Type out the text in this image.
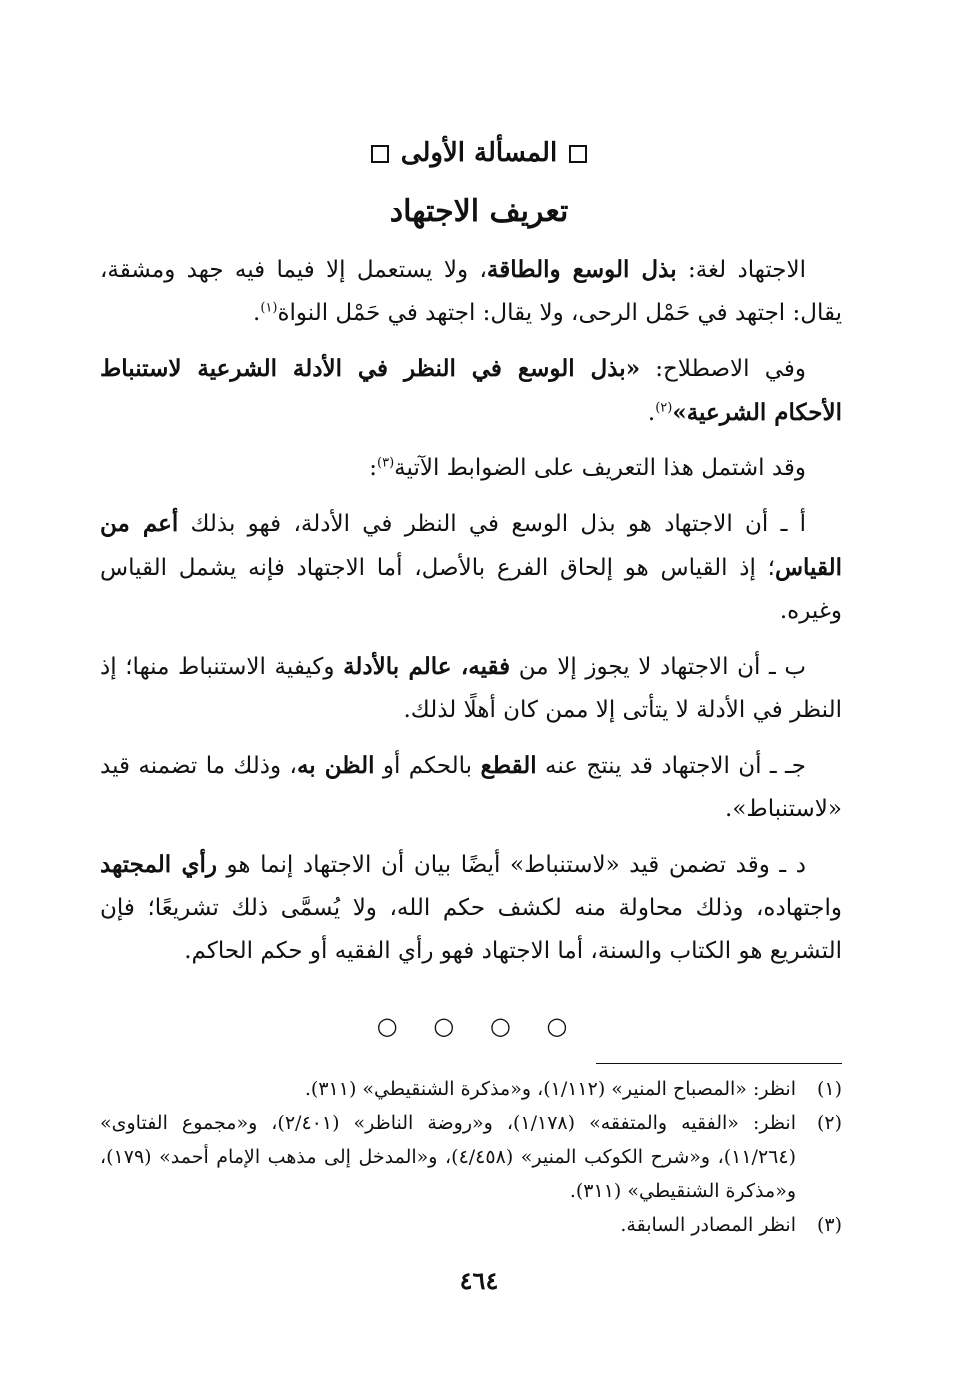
المسألة الأولى
تعريف الاجتهاد

الاجتهاد لغة: بذل الوسع والطاقة، ولا يستعمل إلا فيما فيه جهد ومشقة، يقال: اجتهد في حَمْل الرحى، ولا يقال: اجتهد في حَمْل النواة$^{(١)}$.

وفي الاصطلاح: «بذل الوسع في النظر في الأدلة الشرعية لاستنباط الأحكام الشرعية»$^{(٢)}$.

وقد اشتمل هذا التعريف على الضوابط الآتية$^{(٣)}$:

أ ـ أن الاجتهاد هو بذل الوسع في النظر في الأدلة، فهو بذلك أعم من القياس؛ إذ القياس هو إلحاق الفرع بالأصل، أما الاجتهاد فإنه يشمل القياس وغيره.

ب ـ أن الاجتهاد لا يجوز إلا من فقيه، عالم بالأدلة وكيفية الاستنباط منها؛ إذ النظر في الأدلة لا يتأتى إلا ممن كان أهلًا لذلك.

جـ ـ أن الاجتهاد قد ينتج عنه القطع بالحكم أو الظن به، وذلك ما تضمنه قيد «لاستنباط».

د ـ وقد تضمن قيد «لاستنباط» أيضًا بيان أن الاجتهاد إنما هو رأي المجتهد واجتهاده، وذلك محاولة منه لكشف حكم الله، ولا يُسمَّى ذلك تشريعًا؛ فإن التشريع هو الكتاب والسنة، أما الاجتهاد فهو رأي الفقيه أو حكم الحاكم.

○ ○ ○ ○
(١)
انظر: «المصباح المنير» (١/١١٢)، و«مذكرة الشنقيطي» (٣١١).
(٢)
انظر: «الفقيه والمتفقه» (١/١٧٨)، و«روضة الناظر» (٢/٤٠١)، و«مجموع الفتاوى» (١١/٢٦٤)، و«شرح الكوكب المنير» (٤/٤٥٨)، و«المدخل إلى مذهب الإمام أحمد» (١٧٩)، و«مذكرة الشنقيطي» (٣١١).
(٣)
انظر المصادر السابقة.
٤٦٤
